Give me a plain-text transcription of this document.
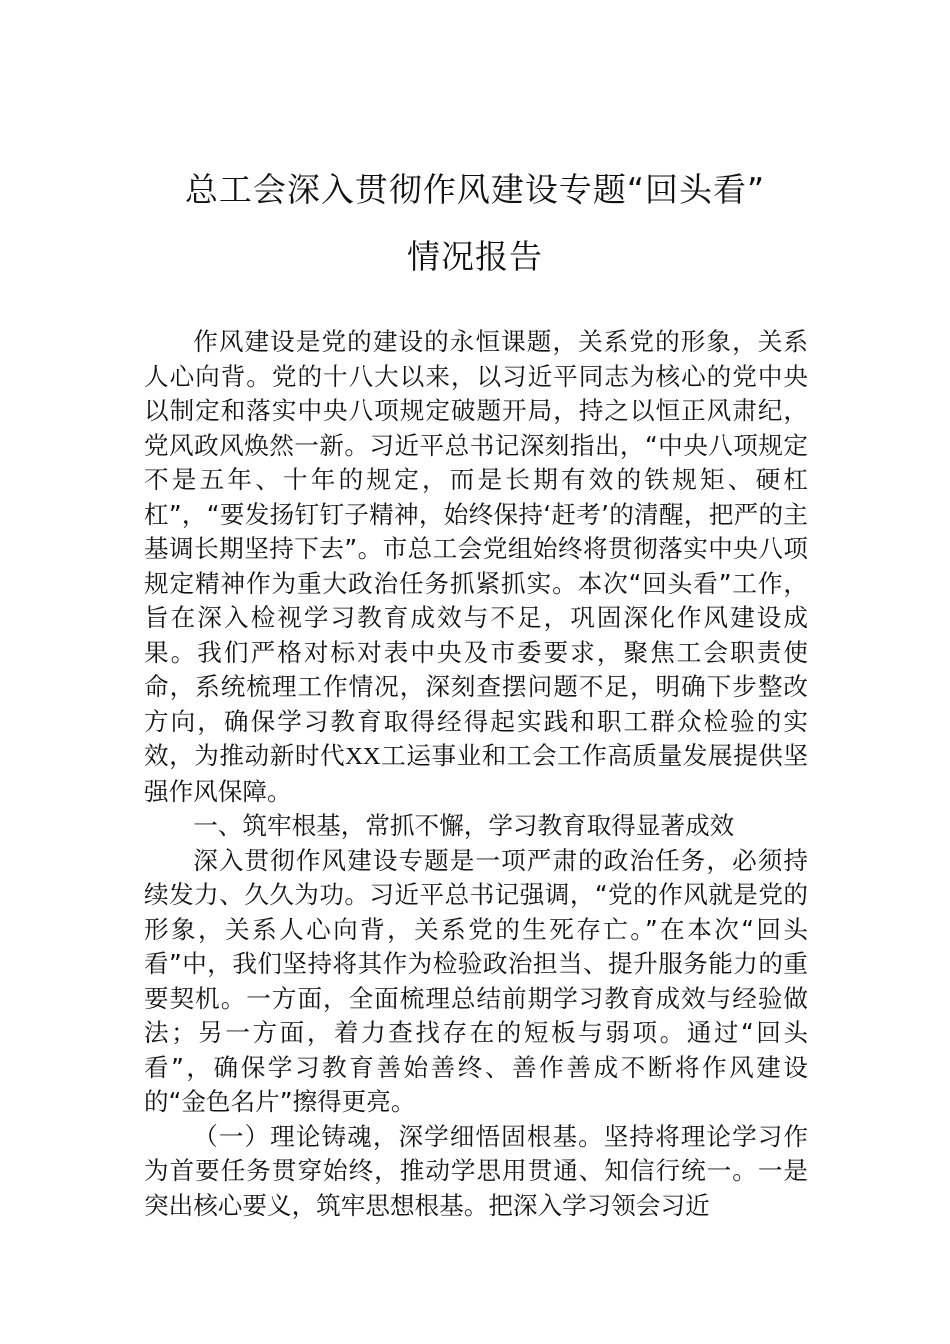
总工会深入贯彻作风建设专题“回头看”
情况报告

作风建设是党的建设的永恒课题，关系党的形象，关系人心向背。党的十八大以来，以习近平同志为核心的党中央以制定和落实中央八项规定破题开局，持之以恒正风肃纪，党风政风焕然一新。习近平总书记深刻指出，“中央八项规定不是五年、十年的规定，而是长期有效的铁规矩、硬杠杠”，“要发扬钉钉子精神，始终保持‘赶考’的清醒，把严的主基调长期坚持下去”。市总工会党组始终将贯彻落实中央八项规定精神作为重大政治任务抓紧抓实。本次“回头看”工作，旨在深入检视学习教育成效与不足，巩固深化作风建设成果。我们严格对标对表中央及市委要求，聚焦工会职责使命，系统梳理工作情况，深刻查摆问题不足，明确下步整改方向，确保学习教育取得经得起实践和职工群众检验的实效，为推动新时代XX工运事业和工会工作高质量发展提供坚强作风保障。

一、筑牢根基，常抓不懈，学习教育取得显著成效

深入贯彻作风建设专题是一项严肃的政治任务，必须持续发力、久久为功。习近平总书记强调，“党的作风就是党的形象，关系人心向背，关系党的生死存亡。”在本次“回头看”中，我们坚持将其作为检验政治担当、提升服务能力的重要契机。一方面，全面梳理总结前期学习教育成效与经验做法；另一方面，着力查找存在的短板与弱项。通过“回头看”，确保学习教育善始善终、善作善成不断将作风建设的“金色名片”擦得更亮。

（一）理论铸魂，深学细悟固根基。坚持将理论学习作为首要任务贯穿始终，推动学思用贯通、知信行统一。一是突出核心要义，筑牢思想根基。把深入学习领会习近
